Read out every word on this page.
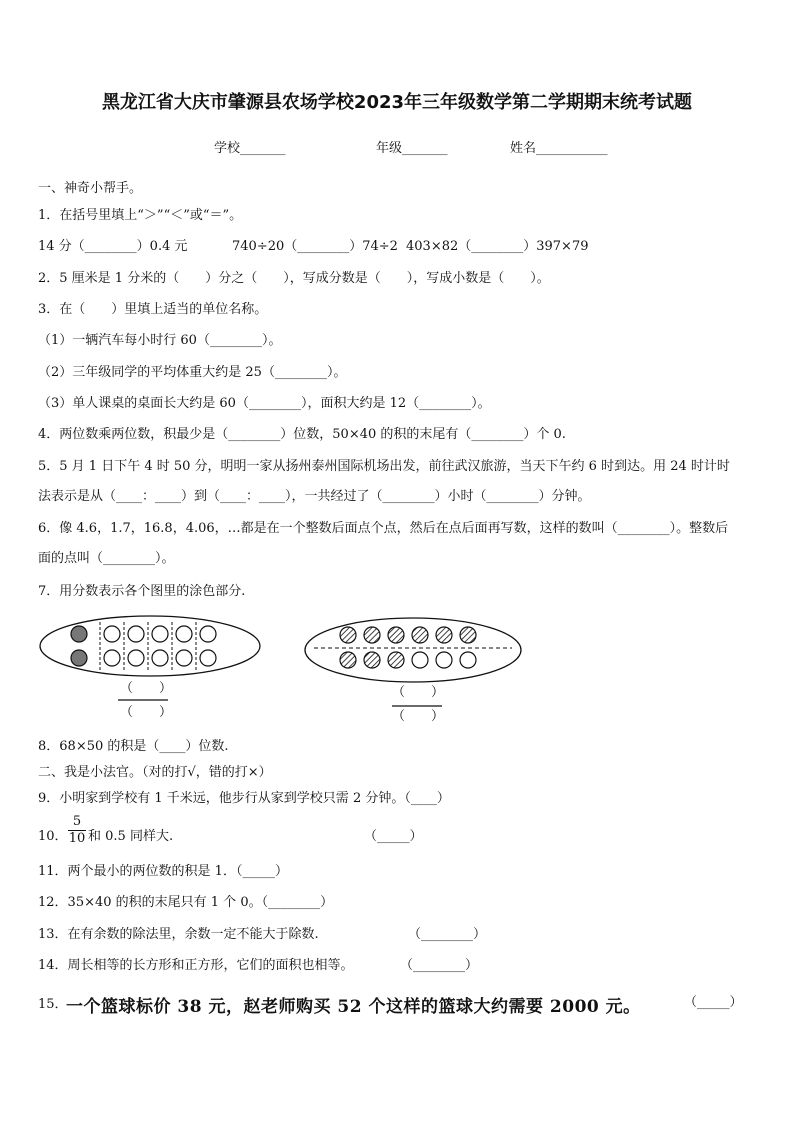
黑龙江省大庆市肇源县农场学校2023年三年级数学第二学期期末统考试题
学校_______	年级_______	姓名___________
一、神奇小帮手。
1．在括号里填上“＞”“＜”或“＝”。
14 分（________）0.4 元	740÷20（________）74÷2 403×82（________）397×79
2．5 厘米是 1 分米的（　　）分之（　　），写成分数是（　　），写成小数是（　　）。
3．在（　　）里填上适当的单位名称。
（1）一辆汽车每小时行 60（________）。
（2）三年级同学的平均体重大约是 25（________）。
（3）单人课桌的桌面长大约是 60（________），面积大约是 12（________）。
4．两位数乘两位数，积最少是（________）位数，50×40 的积的末尾有（________）个 0.
5．5 月 1 日下午 4 时 50 分，明明一家从扬州泰州国际机场出发，前往武汉旅游，当天下午约 6 时到达。用 24 时计时
法表示是从（____：____）到（____：____），一共经过了（________）小时（________）分钟。
6．像 4.6，1.7，16.8，4.06，…都是在一个整数后面点个点，然后在点后面再写数，这样的数叫（________）。整数后
面的点叫（________）。
7．用分数表示各个图里的涂色部分.
（　　）
（　　）
（　　）
（　　）
8．68×50 的积是（____）位数.
二、我是小法官。（对的打√，错的打×）
9．小明家到学校有 1 千米远，他步行从家到学校只需 2 分钟。（____）
10． $\frac{5}{10}$ 和 0.5 同样大.	（_____）
11．两个最小的两位数的积是 1．（_____）
12．35×40 的积的末尾只有 1 个 0。（________）
13．在有余数的除法里，余数一定不能大于除数.	（________）
14．周长相等的长方形和正方形，它们的面积也相等。	（________）
15．
一个篮球标价 38 元，赵老师购买 52 个这样的篮球大约需要 2000 元。	（_____）
